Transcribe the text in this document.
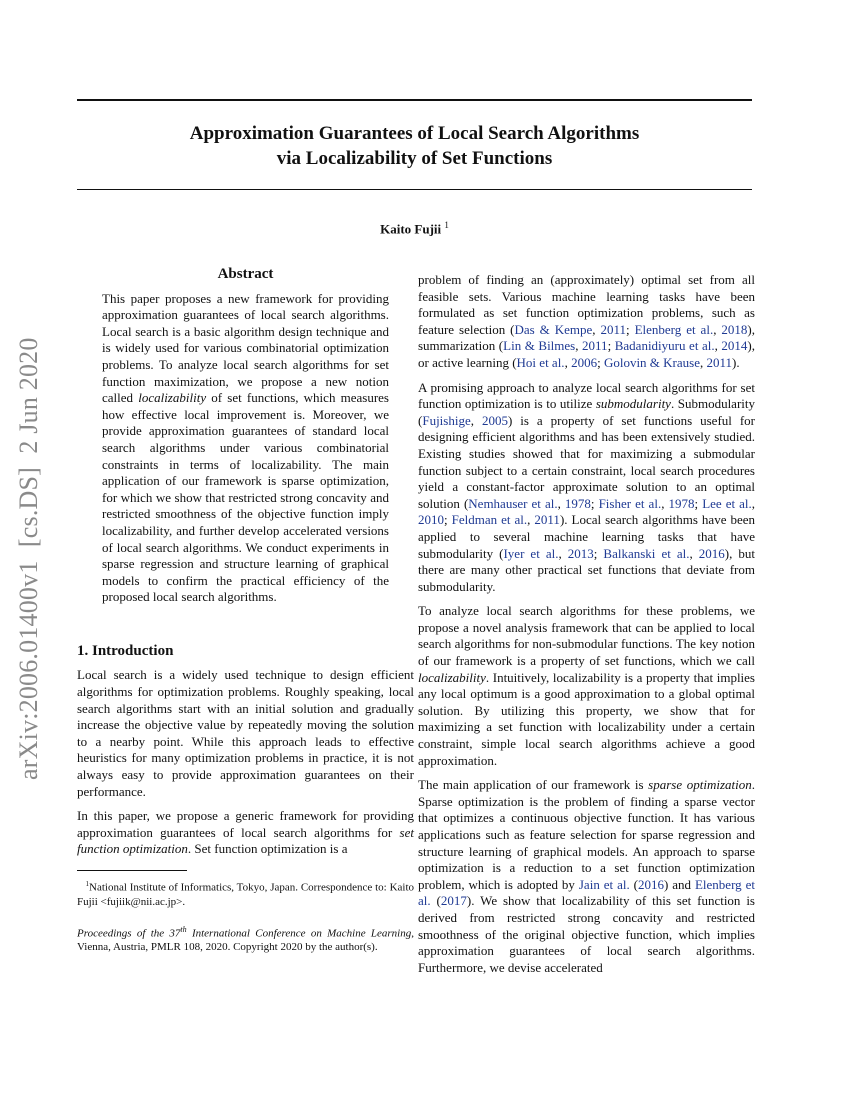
Approximation Guarantees of Local Search Algorithms
via Localizability of Set Functions
Kaito Fujii $^1$
arXiv:2006.01400v1  [cs.DS]  2 Jun 2020
Abstract

This paper proposes a new framework for providing approximation guarantees of local search algorithms. Local search is a basic algorithm design technique and is widely used for various combinatorial optimization problems. To analyze local search algorithms for set function maximization, we propose a new notion called localizability of set functions, which measures how effective local improvement is. Moreover, we provide approximation guarantees of standard local search algorithms under various combinatorial constraints in terms of localizability. The main application of our framework is sparse optimization, for which we show that restricted strong concavity and restricted smoothness of the objective function imply localizability, and further develop accelerated versions of local search algorithms. We conduct experiments in sparse regression and structure learning of graphical models to confirm the practical efficiency of the proposed local search algorithms.

1. Introduction

Local search is a widely used technique to design efficient algorithms for optimization problems. Roughly speaking, local search algorithms start with an initial solution and gradually increase the objective value by repeatedly moving the solution to a nearby point. While this approach leads to effective heuristics for many optimization problems in practice, it is not always easy to provide approximation guarantees on their performance.

In this paper, we propose a generic framework for providing approximation guarantees of local search algorithms for set function optimization. Set function optimization is a

$^1$National Institute of Informatics, Tokyo, Japan. Correspondence to: Kaito Fujii <fujiik@nii.ac.jp>.
Proceedings of the 37th International Conference on Machine Learning, Vienna, Austria, PMLR 108, 2020. Copyright 2020 by the author(s).

problem of finding an (approximately) optimal set from all feasible sets. Various machine learning tasks have been formulated as set function optimization problems, such as feature selection (Das & Kempe, 2011; Elenberg et al., 2018), summarization (Lin & Bilmes, 2011; Badanidiyuru et al., 2014), or active learning (Hoi et al., 2006; Golovin & Krause, 2011).

A promising approach to analyze local search algorithms for set function optimization is to utilize submodularity. Submodularity (Fujishige, 2005) is a property of set functions useful for designing efficient algorithms and has been extensively studied. Existing studies showed that for maximizing a submodular function subject to a certain constraint, local search procedures yield a constant-factor approximate solution to an optimal solution (Nemhauser et al., 1978; Fisher et al., 1978; Lee et al., 2010; Feldman et al., 2011). Local search algorithms have been applied to several machine learning tasks that have submodularity (Iyer et al., 2013; Balkanski et al., 2016), but there are many other practical set functions that deviate from submodularity.

To analyze local search algorithms for these problems, we propose a novel analysis framework that can be applied to local search algorithms for non-submodular functions. The key notion of our framework is a property of set functions, which we call localizability. Intuitively, localizability is a property that implies any local optimum is a good approximation to a global optimal solution. By utilizing this property, we show that for maximizing a set function with localizability under a certain constraint, simple local search algorithms achieve a good approximation.

The main application of our framework is sparse optimization. Sparse optimization is the problem of finding a sparse vector that optimizes a continuous objective function. It has various applications such as feature selection for sparse regression and structure learning of graphical models. An approach to sparse optimization is a reduction to a set function optimization problem, which is adopted by Jain et al. (2016) and Elenberg et al. (2017). We show that localizability of this set function is derived from restricted strong concavity and restricted smoothness of the original objective function, which implies approximation guarantees of local search algorithms. Furthermore, we devise accelerated
